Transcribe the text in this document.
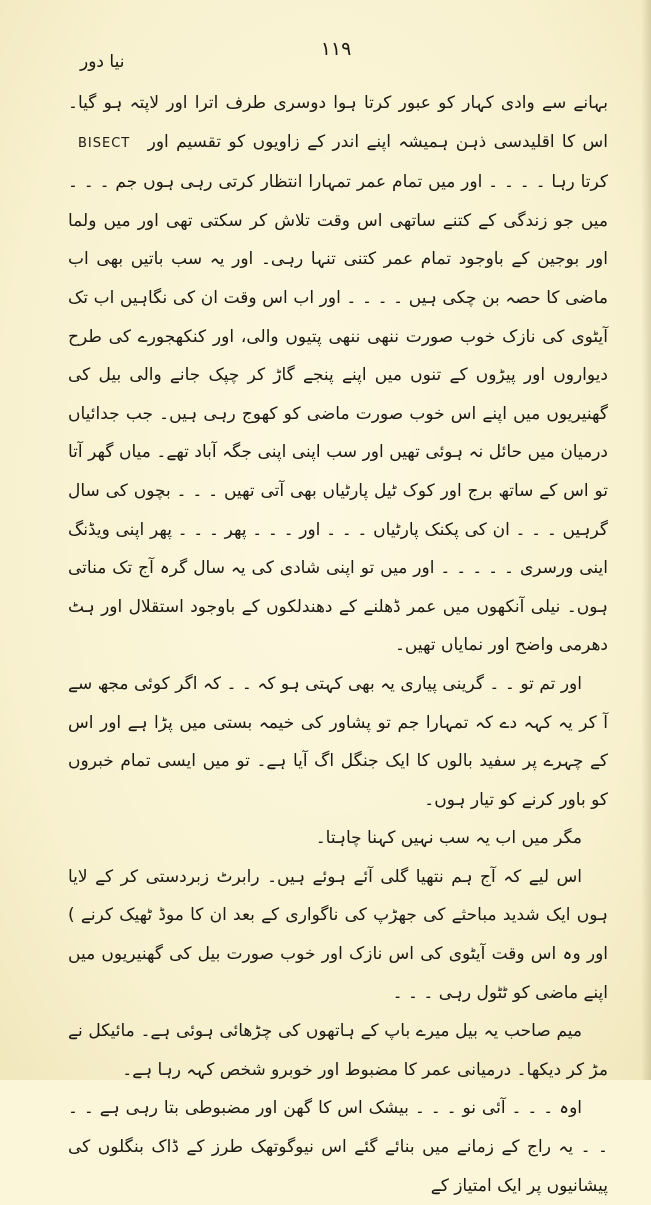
۱۱۹
نیا دور

بہانے سے وادی کہار کو عبور کرتا ہوا دوسری طرف اترا اور لاپتہ ہو گیا۔ اس کا اقلیدسی ذہن ہمیشہ اپنے اندر کے زاویوں کو تقسیم اور BISECT کرتا رہا ۔ ۔ ۔ ۔ اور میں تمام عمر تمہارا انتظار کرتی رہی ہوں جم ۔ ۔ ۔ میں جو زندگی کے کتنے ساتھی اس وقت تلاش کر سکتی تھی اور میں ولما اور بوجین کے باوجود تمام عمر کتنی تنہا رہی۔ اور یہ سب باتیں بھی اب ماضی کا حصہ بن چکی ہیں ۔ ۔ ۔ ۔ اور اب اس وقت ان کی نگاہیں اب تک آیٹوی کی نازک خوب صورت ننھی ننھی پتیوں والی، اور کنکھجورے کی طرح دیواروں اور پیڑوں کے تنوں میں اپنے پنجے گاڑ کر چپک جانے والی بیل کی گھنیریوں میں اپنے اس خوب صورت ماضی کو کھوج رہی ہیں۔ جب جدائیاں درمیان میں حائل نہ ہوئی تھیں اور سب اپنی اپنی جگہ آباد تھے۔ میاں گھر آتا تو اس کے ساتھ برج اور کوک ٹیل پارٹیاں بھی آتی تھیں ۔ ۔ ۔ بچوں کی سال گرہیں ۔ ۔ ۔ ان کی پکنک پارٹیاں ۔ ۔ ۔ اور ۔ ۔ ۔ پھر ۔ ۔ ۔ پھر اپنی ویڈنگ اینی ورسری ۔ ۔ ۔ ۔ ۔ اور میں تو اپنی شادی کی یہ سال گرہ آج تک مناتی ہوں۔ نیلی آنکھوں میں عمر ڈھلنے کے دھندلکوں کے باوجود استقلال اور ہٹ دھرمی واضح اور نمایاں تھیں۔

اور تم تو ۔ ۔ گرینی پیاری یہ بھی کہتی ہو کہ ۔ ۔ کہ اگر کوئی مجھ سے آ کر یہ کہہ دے کہ تمہارا جم تو پشاور کی خیمہ بستی میں پڑا ہے اور اس کے چہرے پر سفید بالوں کا ایک جنگل اگ آیا ہے۔ تو میں ایسی تمام خبروں کو باور کرنے کو تیار ہوں۔

مگر میں اب یہ سب نہیں کہنا چاہتا۔

اس لیے کہ آج ہم نتھیا گلی آئے ہوئے ہیں۔ رابرٹ زبردستی کر کے لایا ہوں ایک شدید مباحثے کی جھڑپ کی ناگواری کے بعد ان کا موڈ ٹھیک کرنے ) اور وہ اس وقت آیٹوی کی اس نازک اور خوب صورت بیل کی گھنیریوں میں اپنے ماضی کو ٹٹول رہی ۔ ۔ ۔

میم صاحب یہ بیل میرے باپ کے ہاتھوں کی چڑھائی ہوئی ہے۔ مائیکل نے مڑ کر دیکھا۔ درمیانی عمر کا مضبوط اور خوبرو شخص کہہ رہا ہے۔

اوہ ۔ ۔ ۔ آئی نو ۔ ۔ ۔ بیشک اس کا گھن اور مضبوطی بتا رہی ہے ۔ ۔ ۔ ۔ یہ راج کے زمانے میں بنائے گئے اس نیوگوتھک طرز کے ڈاک بنگلوں کی پیشانیوں پر ایک امتیاز کے
